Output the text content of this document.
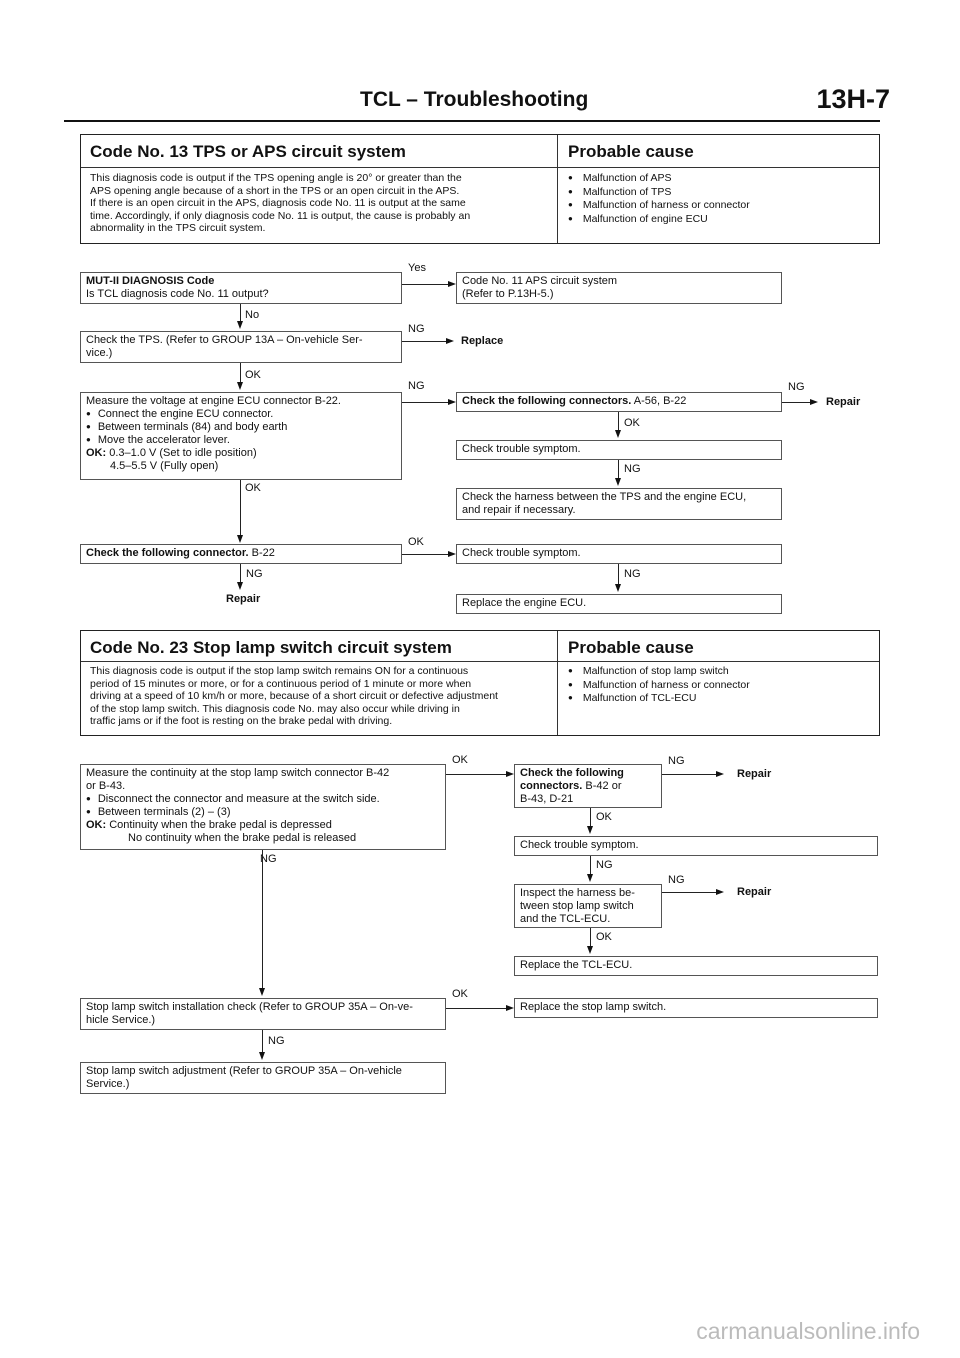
TCL – Troubleshooting	13H-7
Code No. 13 TPS or APS circuit system	Probable cause
This diagnosis code is output if the TPS opening angle is 20° or greater than the
APS opening angle because of a short in the TPS or an open circuit in the APS.
If there is an open circuit in the APS, diagnosis code No. 11 is output at the same
time. Accordingly, if only diagnosis code No. 11 is output, the cause is probably an
abnormality in the TPS circuit system.
● Malfunction of APS
● Malfunction of TPS
● Malfunction of harness or connector
● Malfunction of engine ECU

MUT-II DIAGNOSIS Code

Is TCL diagnosis code No. 11 output?

Yes

Code No. 11 APS circuit system

(Refer to P.13H-5.)

No

Check the TPS. (Refer to GROUP 13A – On-vehicle Ser-

vice.)

NG
Replace
OK

Measure the voltage at engine ECU connector B-22.

● Connect the engine ECU connector.

● Between terminals (84) and body earth

● Move the accelerator lever.

OK: 0.3–1.0 V (Set to idle position)

4.5–5.5 V (Fully open)

NG

Check the following connectors. A-56, B-22

NG
Repair
OK

Check trouble symptom.

NG

Check the harness between the TPS and the engine ECU,

and repair if necessary.

OK

Check the following connector. B-22

OK

Check trouble symptom.

NG
Repair
NG

Replace the engine ECU.

Code No. 23 Stop lamp switch circuit system	Probable cause
This diagnosis code is output if the stop lamp switch remains ON for a continuous
period of 15 minutes or more, or for a continuous period of 1 minute or more when
driving at a speed of 10 km/h or more, because of a short circuit or defective adjustment
of the stop lamp switch. This diagnosis code No. may also occur while driving in
traffic jams or if the foot is resting on the brake pedal with driving.
● Malfunction of stop lamp switch
● Malfunction of harness or connector
● Malfunction of TCL-ECU

Measure the continuity at the stop lamp switch connector B-42

or B-43.

● Disconnect the connector and measure at the switch side.

● Between terminals (2) – (3)

OK: Continuity when the brake pedal is depressed

No continuity when the brake pedal is released

OK

Check the following

connectors. B-42 or

B-43, D-21

NG
Repair
OK

Check trouble symptom.

NG

Inspect the harness be-

tween stop lamp switch

and the TCL-ECU.

NG
Repair
OK

Replace the TCL-ECU.

NG

Stop lamp switch installation check (Refer to GROUP 35A – On-ve-

hicle Service.)

OK

Replace the stop lamp switch.

NG

Stop lamp switch adjustment (Refer to GROUP 35A – On-vehicle

Service.)

carmanualsonline.info
